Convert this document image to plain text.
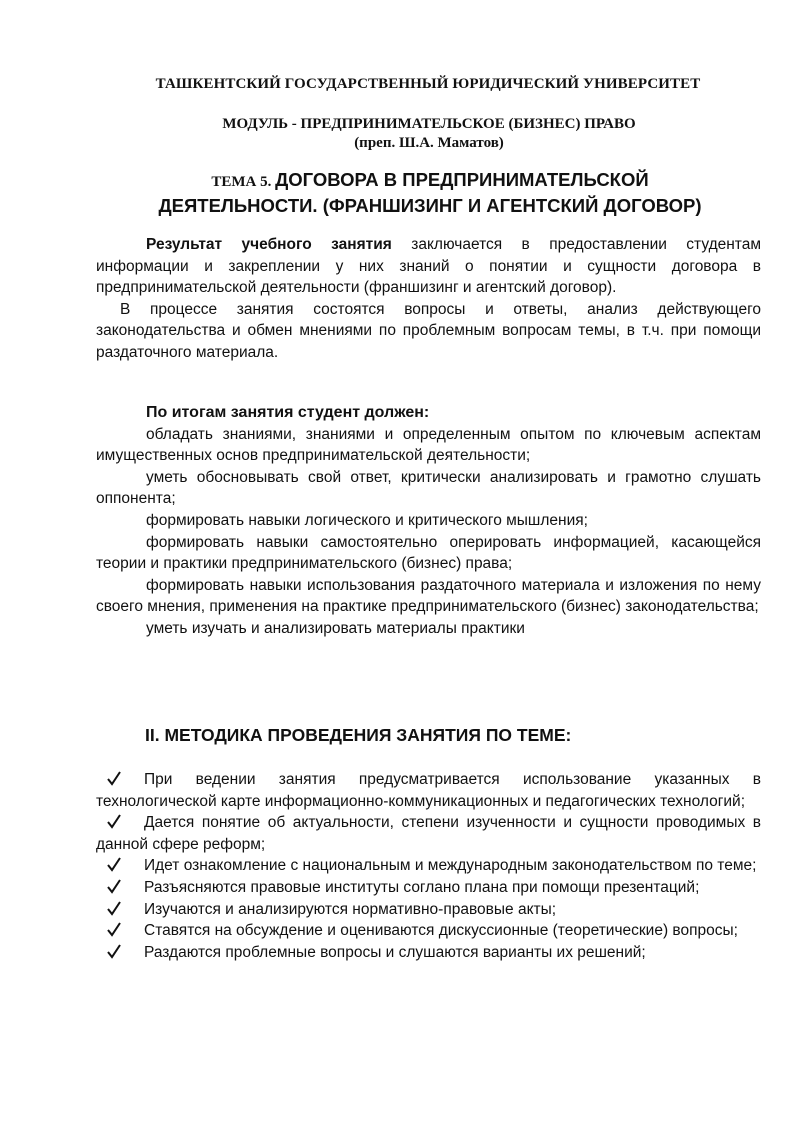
ТАШКЕНТСКИЙ ГОСУДАРСТВЕННЫЙ ЮРИДИЧЕСКИЙ УНИВЕРСИТЕТ
МОДУЛЬ - ПРЕДПРИНИМАТЕЛЬСКОЕ (БИЗНЕС) ПРАВО
(преп. Ш.А. Маматов)
ТЕМА 5. ДОГОВОРА В ПРЕДПРИНИМАТЕЛЬСКОЙ ДЕЯТЕЛЬНОСТИ. (ФРАНШИЗИНГ И АГЕНТСКИЙ ДОГОВОР)

Результат учебного занятия заключается в предоставлении студентам информации и закреплении у них знаний о понятии и сущности договора в предпринимательской деятельности (франшизинг и агентский договор).

В процессе занятия состоятся вопросы и ответы, анализ действующего законодательства и обмен мнениями по проблемным вопросам темы, в т.ч. при помощи раздаточного материала.

По итогам занятия студент должен:

обладать знаниями, знаниями и определенным опытом по ключевым аспектам имущественных основ предпринимательской деятельности;

уметь обосновывать свой ответ, критически анализировать и грамотно слушать оппонента;

формировать навыки логического и критического мышления;

формировать навыки самостоятельно оперировать информацией, касающейся теории и практики предпринимательского (бизнес) права;

формировать навыки использования раздаточного материала и изложения по нему своего мнения, применения на практике предпринимательского (бизнес) законодательства;

уметь изучать и анализировать материалы практики

II. МЕТОДИКА ПРОВЕДЕНИЯ ЗАНЯТИЯ ПО ТЕМЕ:

При ведении занятия предусматривается использование указанных в технологической карте информационно-коммуникационных и педагогических технологий;

Дается понятие об актуальности, степени изученности и сущности проводимых в данной сфере реформ;

Идет ознакомление с национальным и международным законодательством по теме;

Разъясняются правовые институты соглано плана при помощи презентаций;

Изучаются и анализируются нормативно-правовые акты;

Ставятся на обсуждение и оцениваются дискуссионные (теоретические) вопросы;

Раздаются проблемные вопросы и слушаются варианты их решений;
